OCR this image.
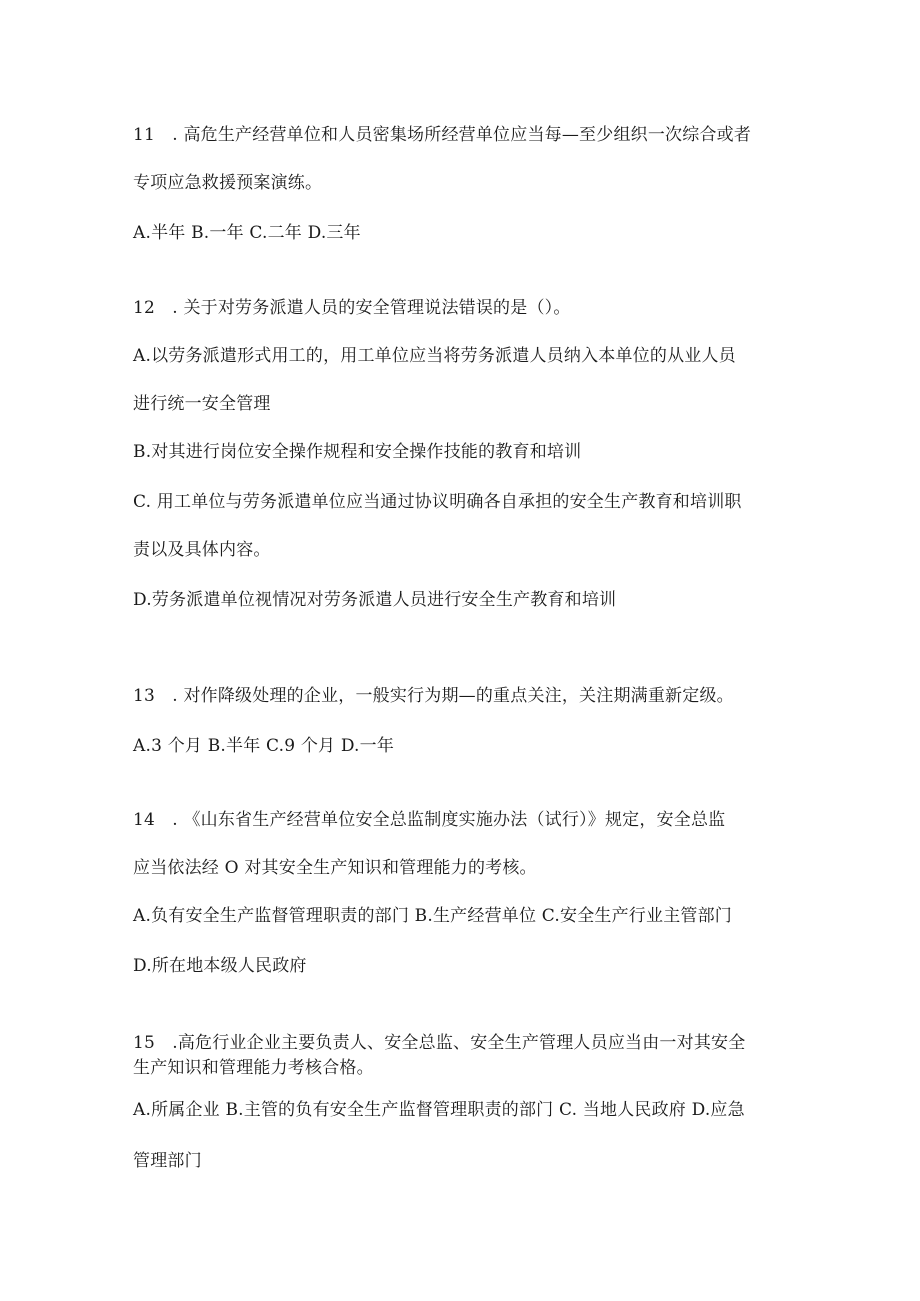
11　. 高危生产经营单位和人员密集场所经营单位应当每—至少组织一次综合或者
专项应急救援预案演练。
A.半年 B.一年 C.二年 D.三年
12　. 关于对劳务派遣人员的安全管理说法错误的是（）。
A.以劳务派遣形式用工的，用工单位应当将劳务派遣人员纳入本单位的从业人员
进行统一安全管理
B.对其进行岗位安全操作规程和安全操作技能的教育和培训
C. 用工单位与劳务派遣单位应当通过协议明确各自承担的安全生产教育和培训职
责以及具体内容。
D.劳务派遣单位视情况对劳务派遣人员进行安全生产教育和培训
13　. 对作降级处理的企业，一般实行为期—的重点关注，关注期满重新定级。
A.3 个月 B.半年 C.9 个月 D.一年
14　. 《山东省生产经营单位安全总监制度实施办法（试行）》规定，安全总监
应当依法经 O 对其安全生产知识和管理能力的考核。
A.负有安全生产监督管理职责的部门 B.生产经营单位 C.安全生产行业主管部门
D.所在地本级人民政府
15　.高危行业企业主要负责人、安全总监、安全生产管理人员应当由一对其安全
生产知识和管理能力考核合格。
A.所属企业 B.主管的负有安全生产监督管理职责的部门 C. 当地人民政府 D.应急
管理部门
